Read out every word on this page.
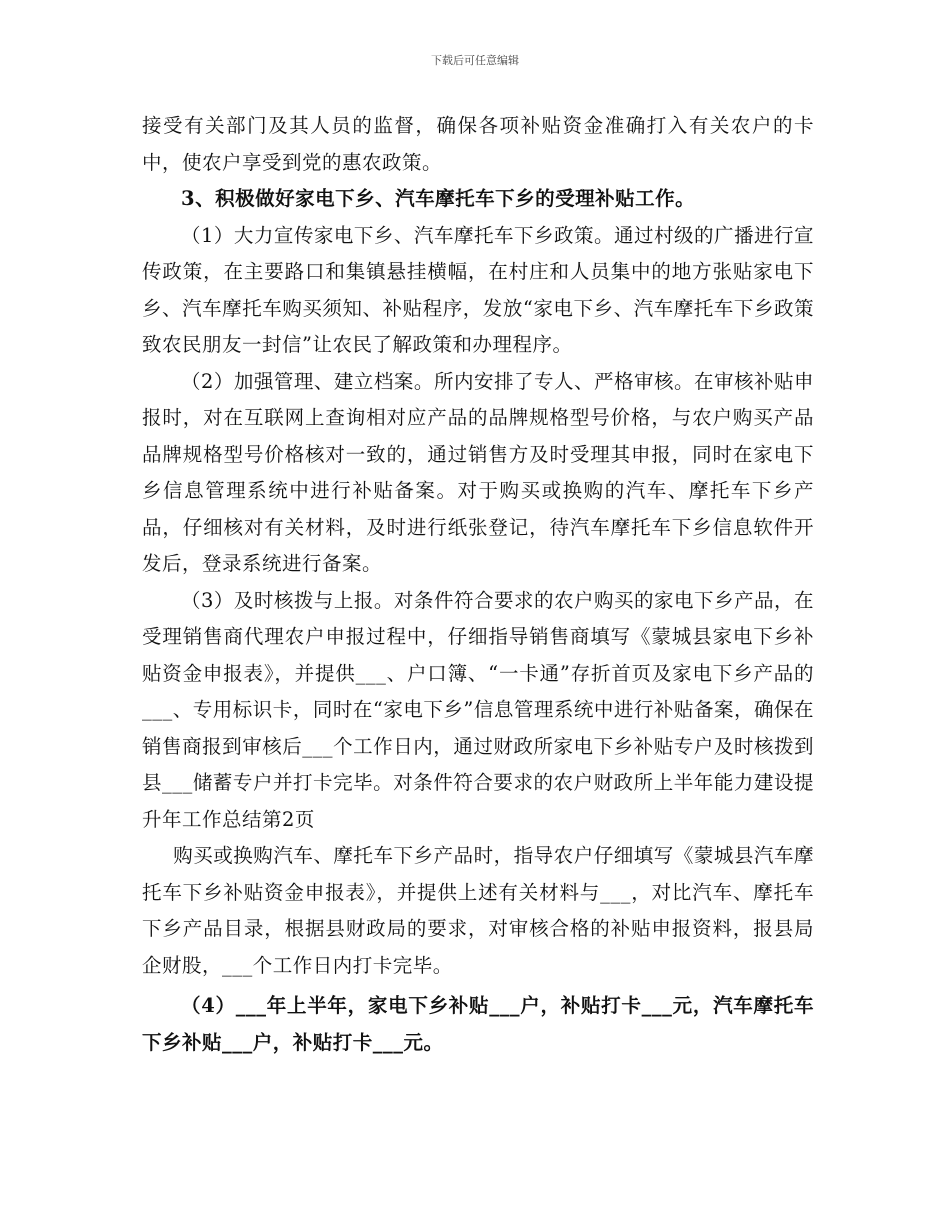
下载后可任意编辑

接受有关部门及其人员的监督，确保各项补贴资金准确打入有关农户的卡中，使农户享受到党的惠农政策。

3、积极做好家电下乡、汽车摩托车下乡的受理补贴工作。

（1）大力宣传家电下乡、汽车摩托车下乡政策。通过村级的广播进行宣传政策，在主要路口和集镇悬挂横幅，在村庄和人员集中的地方张贴家电下乡、汽车摩托车购买须知、补贴程序，发放“家电下乡、汽车摩托车下乡政策致农民朋友一封信”让农民了解政策和办理程序。

（2）加强管理、建立档案。所内安排了专人、严格审核。在审核补贴申报时，对在互联网上查询相对应产品的品牌规格型号价格，与农户购买产品品牌规格型号价格核对一致的，通过销售方及时受理其申报，同时在家电下乡信息管理系统中进行补贴备案。对于购买或换购的汽车、摩托车下乡产品，仔细核对有关材料，及时进行纸张登记，待汽车摩托车下乡信息软件开发后，登录系统进行备案。

（3）及时核拨与上报。对条件符合要求的农户购买的家电下乡产品，在受理销售商代理农户申报过程中，仔细指导销售商填写《蒙城县家电下乡补贴资金申报表》，并提供___、户口簿、“一卡通”存折首页及家电下乡产品的___、专用标识卡，同时在“家电下乡”信息管理系统中进行补贴备案，确保在销售商报到审核后___个工作日内，通过财政所家电下乡补贴专户及时核拨到县___储蓄专户并打卡完毕。对条件符合要求的农户财政所上半年能力建设提升年工作总结第2页

购买或换购汽车、摩托车下乡产品时，指导农户仔细填写《蒙城县汽车摩托车下乡补贴资金申报表》，并提供上述有关材料与___，对比汽车、摩托车下乡产品目录，根据县财政局的要求，对审核合格的补贴申报资料，报县局企财股，___个工作日内打卡完毕。

（4）___年上半年，家电下乡补贴___户，补贴打卡___元，汽车摩托车下乡补贴___户，补贴打卡___元。
